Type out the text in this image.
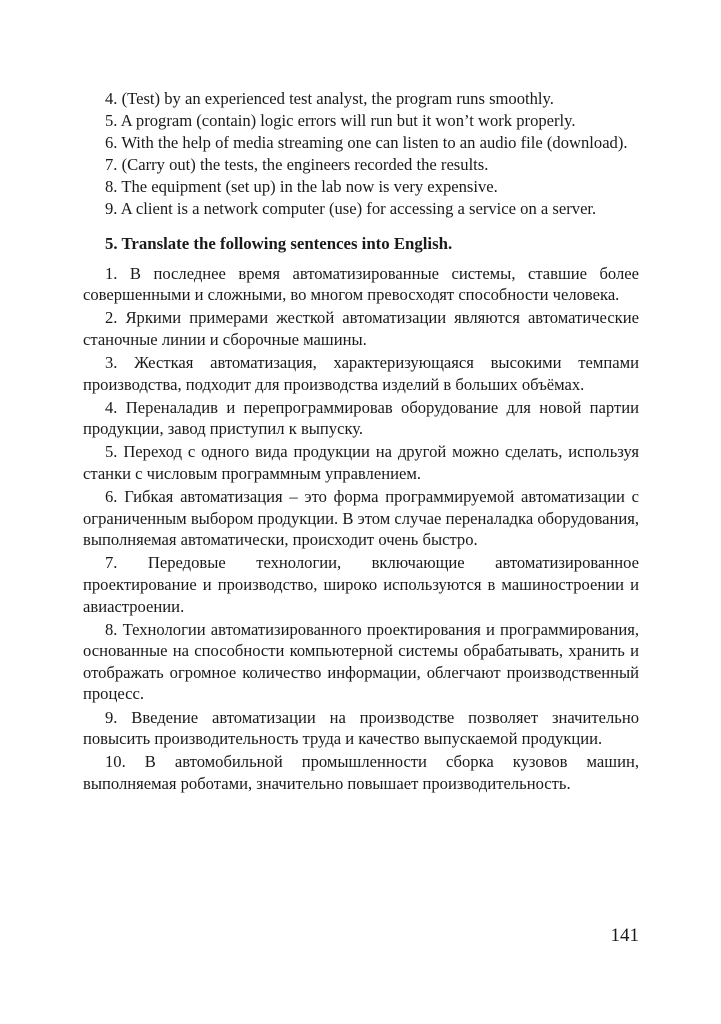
4. (Test) by an experienced test analyst, the program runs smoothly.

5. A program (contain) logic errors will run but it won’t work properly.

6. With the help of media streaming one can listen to an audio file (download).

7. (Carry out) the tests, the engineers recorded the results.

8. The equipment (set up) in the lab now is very expensive.

9. A client is a network computer (use) for accessing a service on a server.

5. Translate the following sentences into English.

1. В последнее время автоматизированные системы, ставшие более совершенными и сложными, во многом превосходят способности человека.

2. Яркими примерами жесткой автоматизации являются автоматические станочные линии и сборочные машины.

3. Жесткая автоматизация, характеризующаяся высокими темпами производства, подходит для производства изделий в больших объёмах.

4. Переналадив и перепрограммировав оборудование для новой партии продукции, завод приступил к выпуску.

5. Переход с одного вида продукции на другой можно сделать, используя станки с числовым программным управлением.

6. Гибкая автоматизация – это форма программируемой автоматизации с ограниченным выбором продукции. В этом случае переналадка оборудования, выполняемая автоматически, происходит очень быстро.

7. Передовые технологии, включающие автоматизированное проектирование и производство, широко используются в машиностроении и авиастроении.

8. Технологии автоматизированного проектирования и программирования, основанные на способности компьютерной системы обрабатывать, хранить и отображать огромное количество информации, облегчают производственный процесс.

9. Введение автоматизации на производстве позволяет значительно повысить производительность труда и качество выпускаемой продукции.

10. В автомобильной промышленности сборка кузовов машин, выполняемая роботами, значительно повышает производительность.

141
